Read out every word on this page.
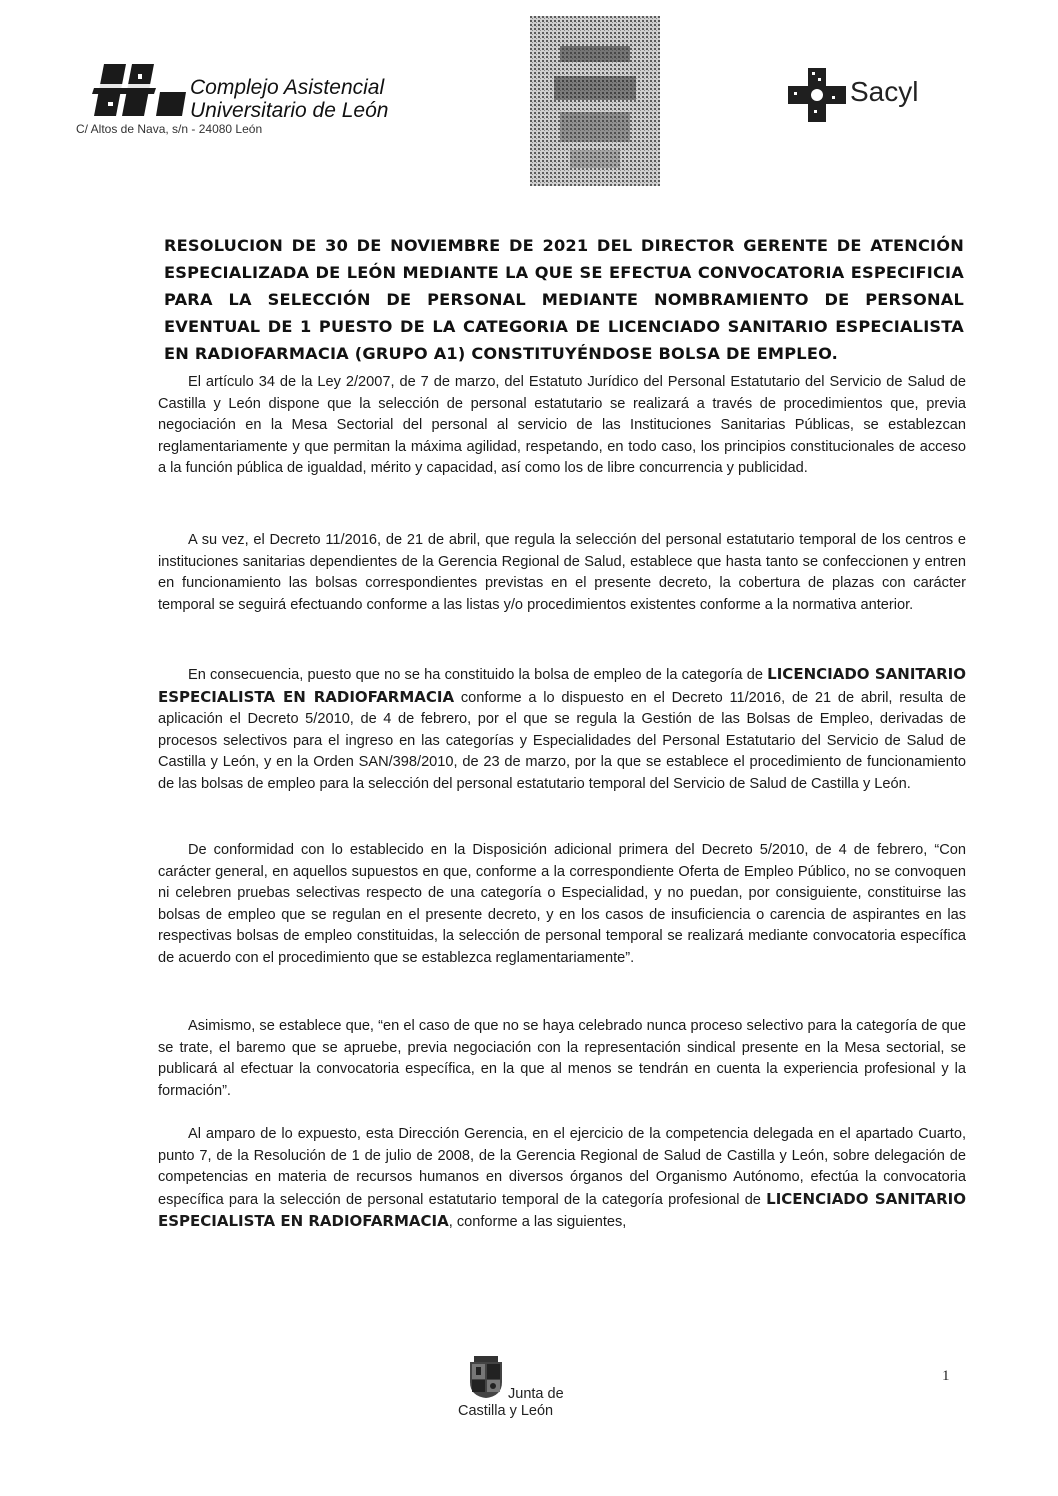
Complejo Asistencial
Universitario de León
C/ Altos de Nava, s/n - 24080 León
Sacyl
RESOLUCION DE 30 DE NOVIEMBRE DE 2021 DEL DIRECTOR GERENTE DE ATENCIÓN ESPECIALIZADA DE LEÓN MEDIANTE LA QUE SE EFECTUA CONVOCATORIA ESPECIFICIA PARA LA SELECCIÓN DE PERSONAL MEDIANTE NOMBRAMIENTO DE PERSONAL EVENTUAL DE 1 PUESTO DE LA CATEGORIA DE LICENCIADO SANITARIO ESPECIALISTA EN RADIOFARMACIA (GRUPO A1) CONSTITUYÉNDOSE BOLSA DE EMPLEO.
El artículo 34 de la Ley 2/2007, de 7 de marzo, del Estatuto Jurídico del Personal Estatutario del Servicio de Salud de Castilla y León dispone que la selección de personal estatutario se realizará a través de procedimientos que, previa negociación en la Mesa Sectorial del personal al servicio de las Instituciones Sanitarias Públicas, se establezcan reglamentariamente y que permitan la máxima agilidad, respetando, en todo caso, los principios constitucionales de acceso a la función pública de igualdad, mérito y capacidad, así como los de libre concurrencia y publicidad.
A su vez, el Decreto 11/2016, de 21 de abril, que regula la selección del personal estatutario temporal de los centros e instituciones sanitarias dependientes de la Gerencia Regional de Salud, establece que hasta tanto se confeccionen y entren en funcionamiento las bolsas correspondientes previstas en el presente decreto, la cobertura de plazas con carácter temporal se seguirá efectuando conforme a las listas y/o procedimientos existentes conforme a la normativa anterior.
En consecuencia, puesto que no se ha constituido la bolsa de empleo de la categoría de LICENCIADO SANITARIO ESPECIALISTA EN RADIOFARMACIA conforme a lo dispuesto en el Decreto 11/2016, de 21 de abril, resulta de aplicación el Decreto 5/2010, de 4 de febrero, por el que se regula la Gestión de las Bolsas de Empleo, derivadas de procesos selectivos para el ingreso en las categorías y Especialidades del Personal Estatutario del Servicio de Salud de Castilla y León, y en la Orden SAN/398/2010, de 23 de marzo, por la que se establece el procedimiento de funcionamiento de las bolsas de empleo para la selección del personal estatutario temporal del Servicio de Salud de Castilla y León.
De conformidad con lo establecido en la Disposición adicional primera del Decreto 5/2010, de 4 de febrero, “Con carácter general, en aquellos supuestos en que, conforme a la correspondiente Oferta de Empleo Público, no se convoquen ni celebren pruebas selectivas respecto de una categoría o Especialidad, y no puedan, por consiguiente, constituirse las bolsas de empleo que se regulan en el presente decreto, y en los casos de insuficiencia o carencia de aspirantes en las respectivas bolsas de empleo constituidas, la selección de personal temporal se realizará mediante convocatoria específica de acuerdo con el procedimiento que se establezca reglamentariamente”.
Asimismo, se establece que, “en el caso de que no se haya celebrado nunca proceso selectivo para la categoría de que se trate, el baremo que se apruebe, previa negociación con la representación sindical presente en la Mesa sectorial, se publicará al efectuar la convocatoria específica, en la que al menos se tendrán en cuenta la experiencia profesional y la formación”.
Al amparo de lo expuesto, esta Dirección Gerencia, en el ejercicio de la competencia delegada en el apartado Cuarto, punto 7, de la Resolución de 1 de julio de 2008, de la Gerencia Regional de Salud de Castilla y León, sobre delegación de competencias en materia de recursos humanos en diversos órganos del Organismo Autónomo, efectúa la convocatoria específica para la selección de personal estatutario temporal de la categoría profesional de LICENCIADO SANITARIO ESPECIALISTA EN RADIOFARMACIA, conforme a las siguientes,
Junta de
Castilla y León
1
